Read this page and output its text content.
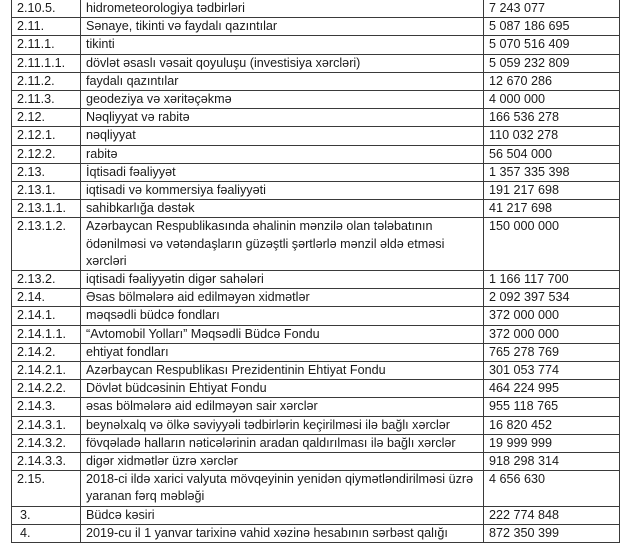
2.10.5.	hidrometeorologiya tədbirləri	7 243 077
2.11.	Sənaye, tikinti və faydalı qazıntılar	5 087 186 695
2.11.1.	tikinti	5 070 516 409
2.11.1.1.	dövlət əsaslı vəsait qoyuluşu (investisiya xərcləri)	5 059 232 809
2.11.2.	faydalı qazıntılar	12 670 286
2.11.3.	geodeziya və xəritəçəkmə	4 000 000
2.12.	Nəqliyyat və rabitə	166 536 278
2.12.1.	nəqliyyat	110 032 278
2.12.2.	rabitə	56 504 000
2.13.	İqtisadi fəaliyyət	1 357 335 398
2.13.1.	iqtisadi və kommersiya fəaliyyəti	191 217 698
2.13.1.1.	sahibkarlığa dəstək	41 217 698
2.13.1.2.	Azərbaycan Respublikasında əhalinin mənzilə olan tələbatının ödənilməsi və vətəndaşların güzəştli şərtlərlə mənzil əldə etməsi xərcləri	150 000 000
2.13.2.	iqtisadi fəaliyyətin digər sahələri	1 166 117 700
2.14.	Əsas bölmələrə aid edilməyən xidmətlər	2 092 397 534
2.14.1.	məqsədli büdcə fondları	372 000 000
2.14.1.1.	“Avtomobil Yolları” Məqsədli Büdcə Fondu	372 000 000
2.14.2.	ehtiyat fondları	765 278 769
2.14.2.1.	Azərbaycan Respublikası Prezidentinin Ehtiyat Fondu	301 053 774
2.14.2.2.	Dövlət büdcəsinin Ehtiyat Fondu	464 224 995
2.14.3.	əsas bölmələrə aid edilməyən sair xərclər	955 118 765
2.14.3.1.	beynəlxalq və ölkə səviyyəli tədbirlərin keçirilməsi ilə bağlı xərclər	16 820 452
2.14.3.2.	fövqəladə halların nəticələrinin aradan qaldırılması ilə bağlı xərclər	19 999 999
2.14.3.3.	digər xidmətlər üzrə xərclər	918 298 314
2.15.	2018-ci ildə xarici valyuta mövqeyinin yenidən qiymətləndirilməsi üzrə yaranan fərq məbləği	4 656 630
3.	Büdcə kəsiri	222 774 848
4.	2019-cu il 1 yanvar tarixinə vahid xəzinə hesabının sərbəst qalığı	872 350 399
